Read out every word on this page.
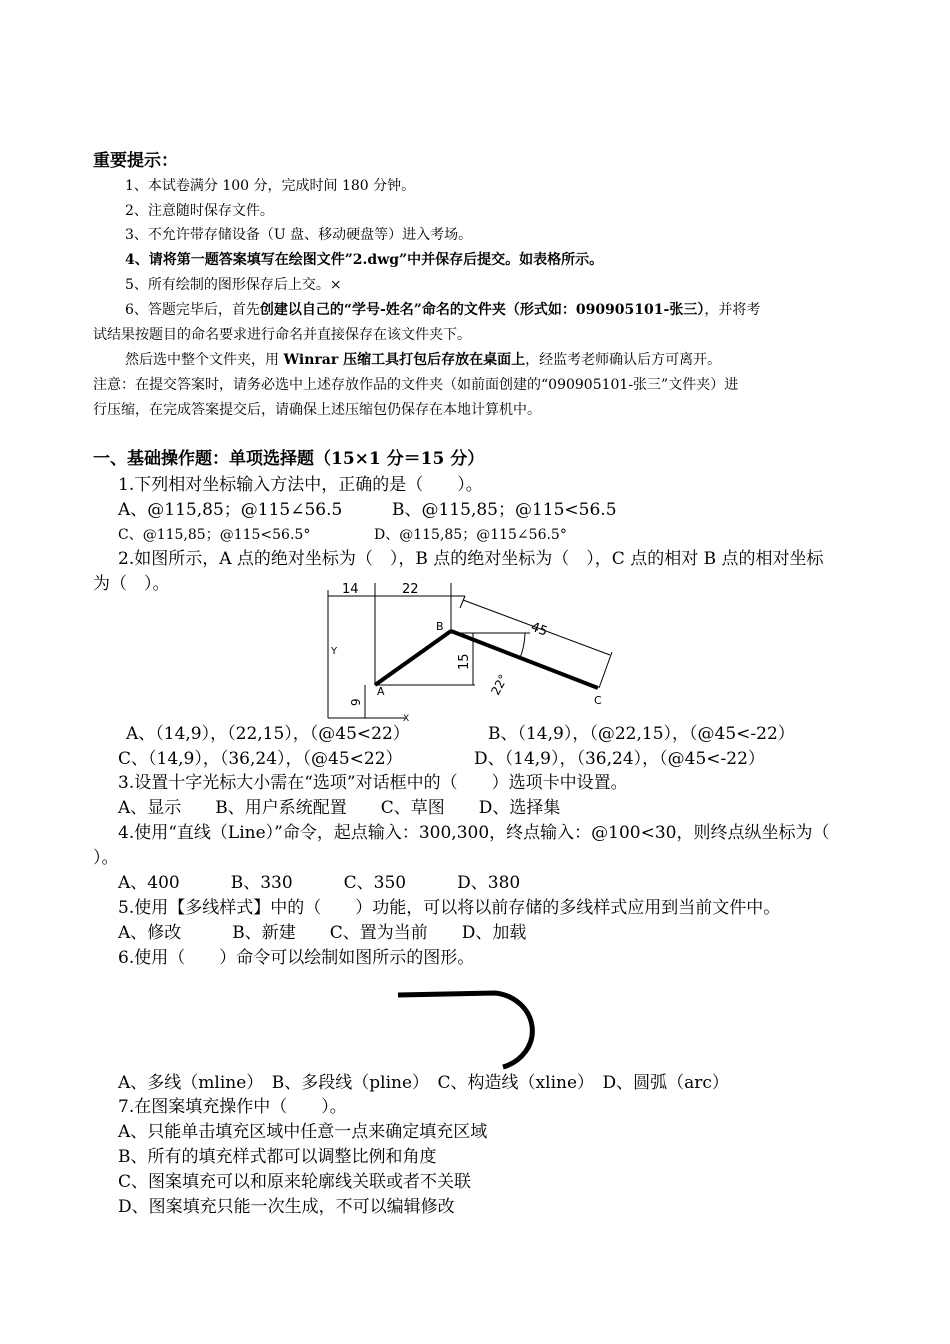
重要提示：
1、本试卷满分 100 分，完成时间 180 分钟。
2、注意随时保存文件。
3、不允许带存储设备（U 盘、移动硬盘等）进入考场。
4、请将第一题答案填写在绘图文件”2.dwg”中并保存后提交。如表格所示。
5、所有绘制的图形保存后上交。×
6、答题完毕后，首先创建以自己的“学号-姓名”命名的文件夹（形式如：090905101-张三），并将考
试结果按题目的命名要求进行命名并直接保存在该文件夹下。
然后选中整个文件夹，用 Winrar 压缩工具打包后存放在桌面上，经监考老师确认后方可离开。
注意：在提交答案时，请务必选中上述存放作品的文件夹（如前面创建的“090905101-张三”文件夹）进
行压缩，在完成答案提交后，请确保上述压缩包仍保存在本地计算机中。
一、基础操作题：单项选择题（15×1 分＝15 分）
1.下列相对坐标输入方法中，正确的是（　　）。
A、@115,85；@115∠56.5	B、@115,85；@115<56.5
C、@115,85；@115<56.5°	D、@115,85；@115∠56.5°
2.如图所示，A 点的绝对坐标为（　），B 点的绝对坐标为（　），C 点的相对 B 点的相对坐标
为（　）。	14	22
45
15
9
22°
A
B
C
Y
X
A、（14,9），（22,15），（@45<22）	B、（14,9），（@22,15），（@45<-22）
C、（14,9），（36,24），（@45<22）	D、（14,9），（36,24），（@45<-22）
3.设置十字光标大小需在“选项”对话框中的（　　）选项卡中设置。
A、显示　　B、用户系统配置　　C、草图　　D、选择集
4.使用“直线（Line）”命令，起点输入：300,300，终点输入：@100<30，则终点纵坐标为（
）。
A、400　　　B、330　　　C、350　　　D、380
5.使用【多线样式】中的（　　）功能，可以将以前存储的多线样式应用到当前文件中。
A、修改　　　B、新建　　C、置为当前　　D、加载
6.使用（　　）命令可以绘制如图所示的图形。
A、多线（mline）　B、多段线（pline）　C、构造线（xline）　D、圆弧（arc）
7.在图案填充操作中（　　）。
A、只能单击填充区域中任意一点来确定填充区域
B、所有的填充样式都可以调整比例和角度
C、图案填充可以和原来轮廓线关联或者不关联
D、图案填充只能一次生成，不可以编辑修改
